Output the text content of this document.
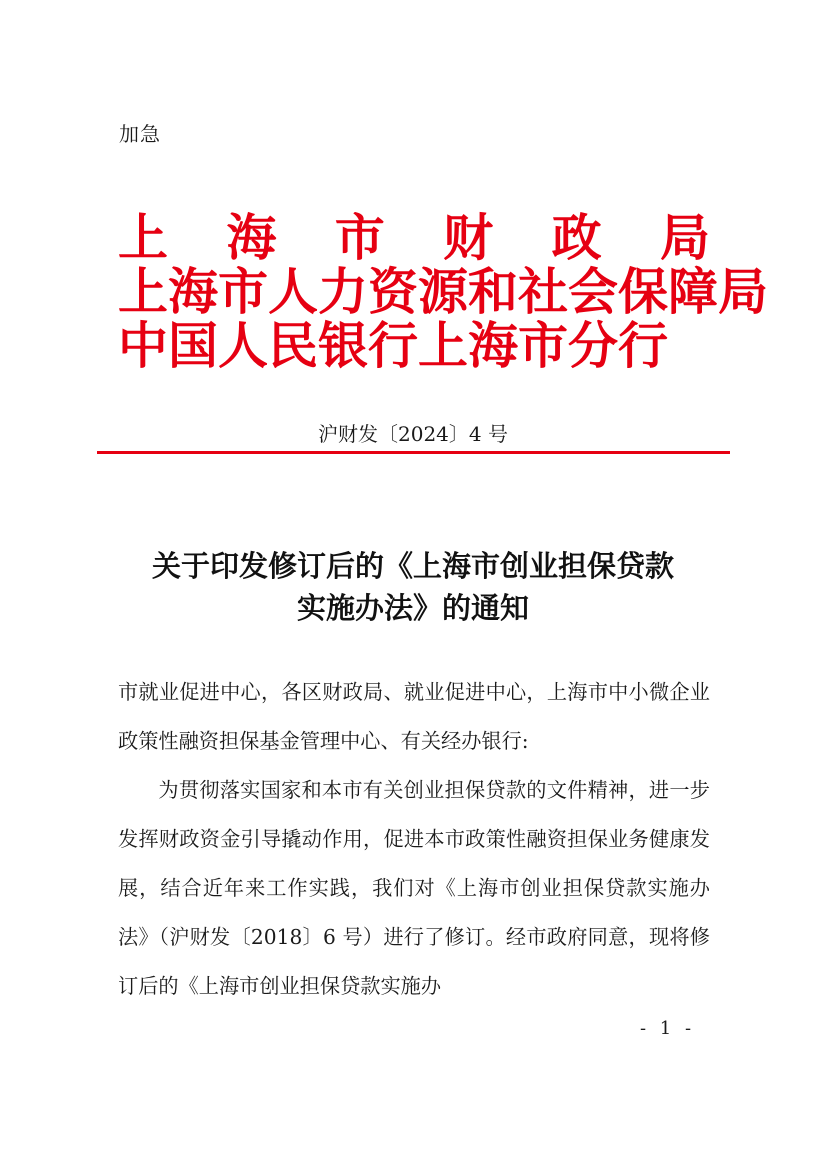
加急
上 海 市 财 政 局
上海市人力资源和社会保障局
中国人民银行上海市分行
沪财发〔2024〕4 号
关于印发修订后的《上海市创业担保贷款
实施办法》的通知
市就业促进中心，各区财政局、就业促进中心，上海市中小微企业政策性融资担保基金管理中心、有关经办银行:
为贯彻落实国家和本市有关创业担保贷款的文件精神，进一步发挥财政资金引导撬动作用，促进本市政策性融资担保业务健康发展，结合近年来工作实践，我们对《上海市创业担保贷款实施办法》（沪财发〔2018〕6 号）进行了修订。经市政府同意，现将修订后的《上海市创业担保贷款实施办
- 1 -
